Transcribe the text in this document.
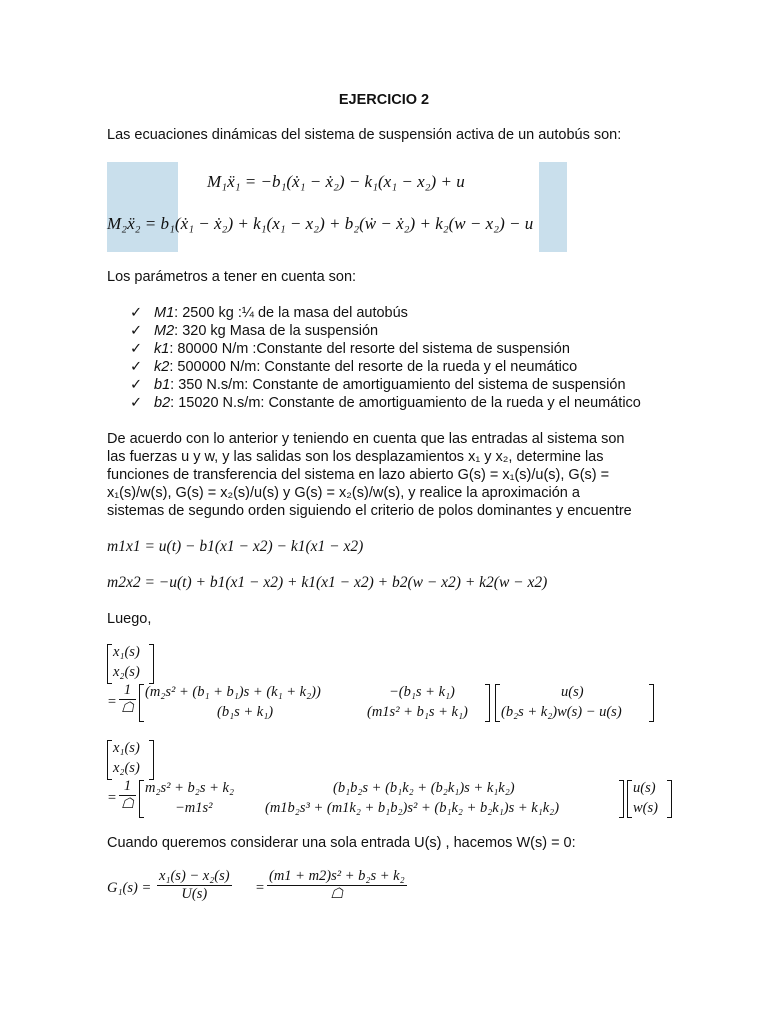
EJERCICIO 2
Las ecuaciones dinámicas del sistema de suspensión activa de un autobús son:
M₁ẍ₁ = −b₁(ẋ₁ − ẋ₂) − k₁(x₁ − x₂) + u
M₂ẍ₂ = b₁(ẋ₁ − ẋ₂) + k₁(x₁ − x₂) + b₂(ẇ − ẋ₂) + k₂(w − x₂) − u
Los parámetros a tener en cuenta son:
✓ M1: 2500 kg :¼ de la masa del autobús
✓ M2: 320 kg Masa de la suspensión
✓ k1: 80000 N/m :Constante del resorte del sistema de suspensión
✓ k2: 500000 N/m: Constante del resorte de la rueda y el neumático
✓ b1: 350 N.s/m: Constante de amortiguamiento del sistema de suspensión
✓ b2: 15020 N.s/m: Constante de amortiguamiento de la rueda y el neumático
De acuerdo con lo anterior y teniendo en cuenta que las entradas al sistema son
las fuerzas u y w, y las salidas son los desplazamientos x₁ y x₂, determine las
funciones de transferencia del sistema en lazo abierto G(s) = x₁(s)/u(s), G(s) =
x₁(s)/w(s), G(s) = x₂(s)/u(s) y G(s) = x₂(s)/w(s), y realice la aproximación a
sistemas de segundo orden siguiendo el criterio de polos dominantes y encuentre
m1x1 = u(t) − b1(x1 − x2) − k1(x1 − x2)
m2x2 = −u(t) + b1(x1 − x2) + k1(x1 − x2) + b2(w − x2) + k2(w − x2)
Luego,
x₁(s)
x₂(s)
= $\frac{1}{☖} (m_2s^2 + (b_1 + b_1)s + (k_1 + k_2))$	−(b₁s + k₁)
(b₁s + k₁)	(m1s² + b₁s + k₁)
u(s)
(b₂s + k₂)w(s) − u(s)
x₁(s)
x₂(s)
= $\frac{1}{☖} m_2s^2 + b_2s + k_2$	(b₁b₂s + (b₁k₂ + (b₂k₁)s + k₁k₂)
−m1s²	(m1b₂s³ + (m1k₂ + b₁b₂)s² + (b₁k₂ + b₂k₁)s + k₁k₂)
u(s)
w(s)
Cuando queremos considerar una sola entrada U(s) , hacemos W(s) = 0:
$G_1(s) = \frac{\text{x₁(s) − x₂(s)}}{U(s)} = \frac{\text{(m1 + m2)s² + b₂s + k₂}}{☖}$
